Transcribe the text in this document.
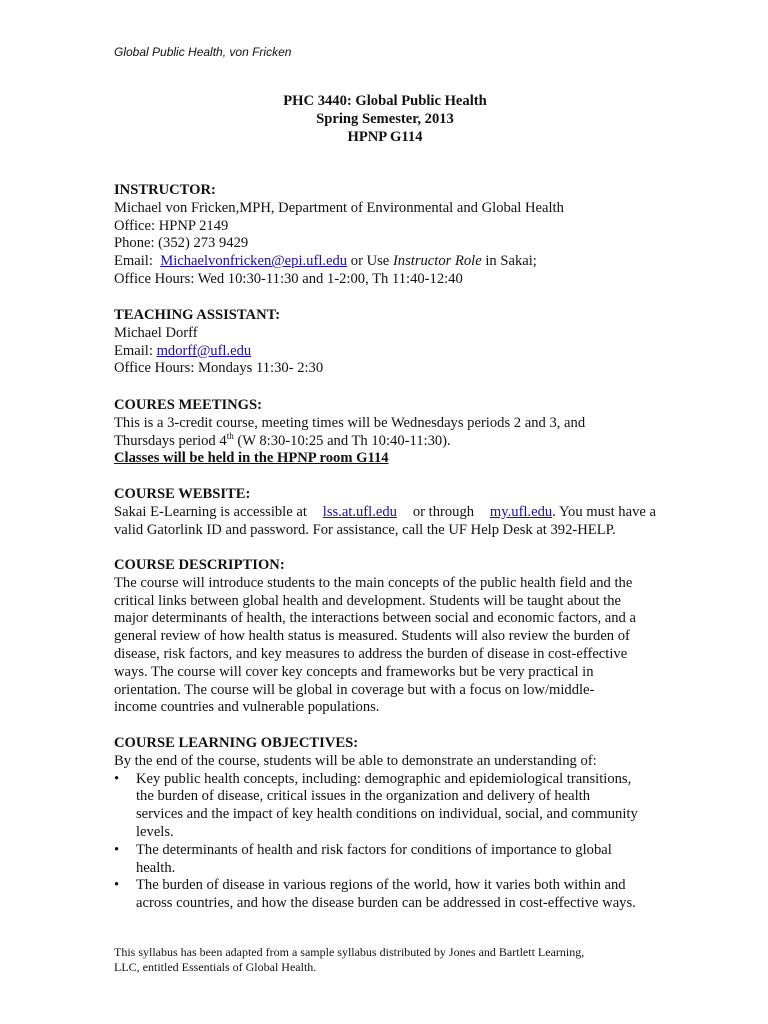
Global Public Health, von Fricken
PHC 3440: Global Public Health
Spring Semester, 2013
HPNP G114
INSTRUCTOR:
Michael von Fricken,MPH, Department of Environmental and Global Health
Office: HPNP 2149
Phone: (352) 273 9429
Email: Michaelvonfricken@epi.ufl.edu or Use Instructor Role in Sakai;
Office Hours: Wed 10:30-11:30 and 1-2:00, Th 11:40-12:40
TEACHING ASSISTANT:
Michael Dorff
Email: mdorff@ufl.edu
Office Hours: Mondays 11:30- 2:30
COURES MEETINGS:
This is a 3-credit course, meeting times will be Wednesdays periods 2 and 3, and
Thursdays period 4th (W 8:30-10:25 and Th 10:40-11:30).
Classes will be held in the HPNP room G114
COURSE WEBSITE:
Sakai E-Learning is accessible at lss.at.ufl.edu or through my.ufl.edu. You must have a
valid Gatorlink ID and password. For assistance, call the UF Help Desk at 392-HELP.
COURSE DESCRIPTION:
The course will introduce students to the main concepts of the public health field and the
critical links between global health and development. Students will be taught about the
major determinants of health, the interactions between social and economic factors, and a
general review of how health status is measured. Students will also review the burden of
disease, risk factors, and key measures to address the burden of disease in cost-effective
ways. The course will cover key concepts and frameworks but be very practical in
orientation. The course will be global in coverage but with a focus on low/middle-
income countries and vulnerable populations.
COURSE LEARNING OBJECTIVES:
By the end of the course, students will be able to demonstrate an understanding of:
• Key public health concepts, including: demographic and epidemiological transitions,
the burden of disease, critical issues in the organization and delivery of health
services and the impact of key health conditions on individual, social, and community
levels.
• The determinants of health and risk factors for conditions of importance to global
health.
• The burden of disease in various regions of the world, how it varies both within and
across countries, and how the disease burden can be addressed in cost-effective ways.
This syllabus has been adapted from a sample syllabus distributed by Jones and Bartlett Learning,
LLC, entitled Essentials of Global Health.
